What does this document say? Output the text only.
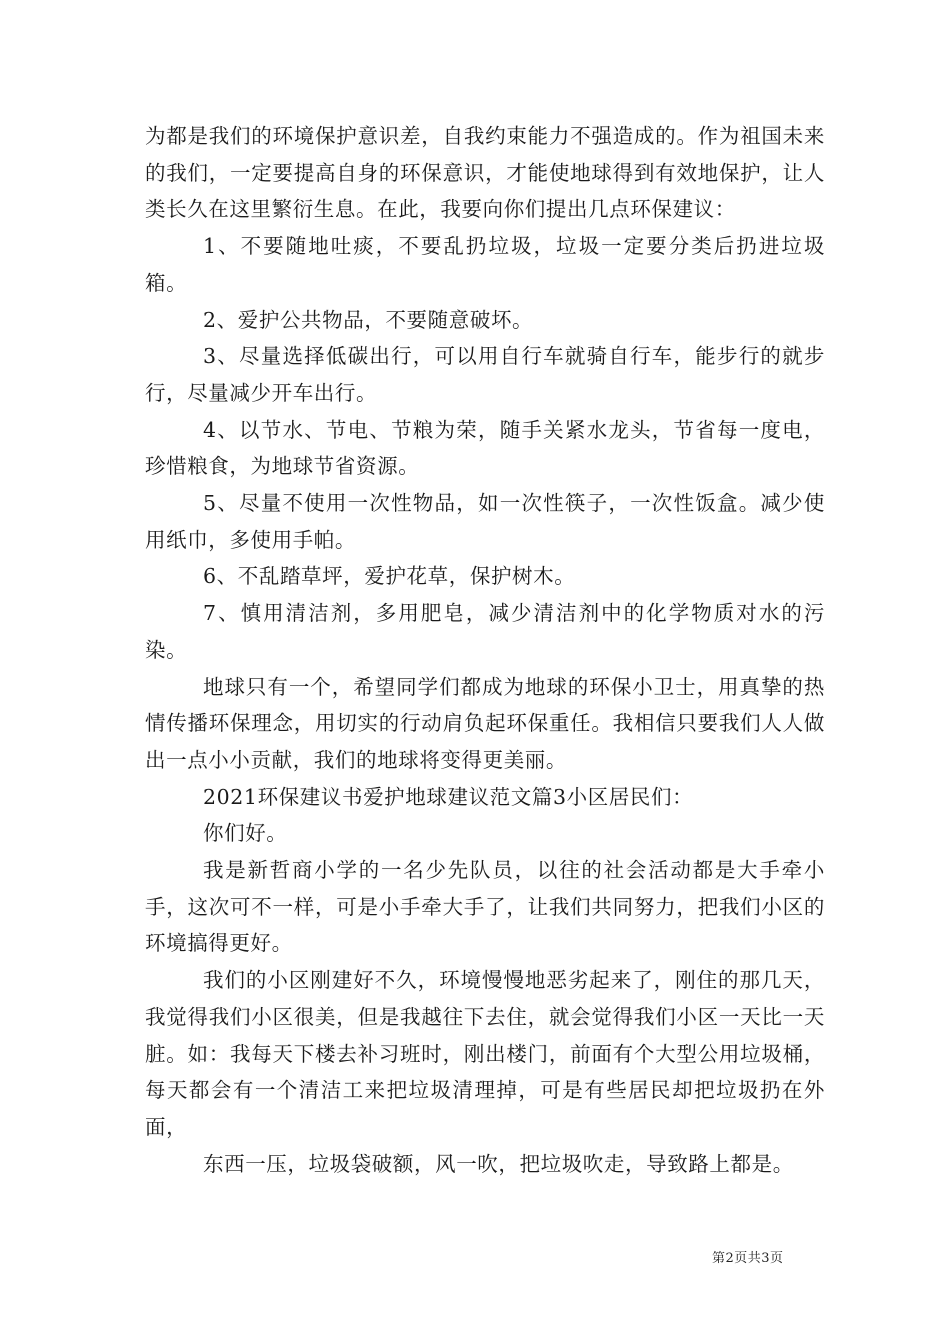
为都是我们的环境保护意识差，自我约束能力不强造成的。作为祖国未来的我们，一定要提高自身的环保意识，才能使地球得到有效地保护，让人类长久在这里繁衍生息。在此，我要向你们提出几点环保建议：

1、不要随地吐痰，不要乱扔垃圾，垃圾一定要分类后扔进垃圾箱。

2、爱护公共物品，不要随意破坏。

3、尽量选择低碳出行，可以用自行车就骑自行车，能步行的就步行，尽量减少开车出行。

4、以节水、节电、节粮为荣，随手关紧水龙头，节省每一度电，珍惜粮食，为地球节省资源。

5、尽量不使用一次性物品，如一次性筷子，一次性饭盒。减少使用纸巾，多使用手帕。

6、不乱踏草坪，爱护花草，保护树木。

7、慎用清洁剂，多用肥皂，减少清洁剂中的化学物质对水的污染。

地球只有一个，希望同学们都成为地球的环保小卫士，用真挚的热情传播环保理念，用切实的行动肩负起环保重任。我相信只要我们人人做出一点小小贡献，我们的地球将变得更美丽。

2021环保建议书爱护地球建议范文篇3小区居民们：

你们好。

我是新哲商小学的一名少先队员，以往的社会活动都是大手牵小手，这次可不一样，可是小手牵大手了，让我们共同努力，把我们小区的环境搞得更好。

我们的小区刚建好不久，环境慢慢地恶劣起来了，刚住的那几天，我觉得我们小区很美，但是我越往下去住，就会觉得我们小区一天比一天脏。如：我每天下楼去补习班时，刚出楼门，前面有个大型公用垃圾桶，每天都会有一个清洁工来把垃圾清理掉，可是有些居民却把垃圾扔在外面，

东西一压，垃圾袋破额，风一吹，把垃圾吹走，导致路上都是。

第2页共3页
